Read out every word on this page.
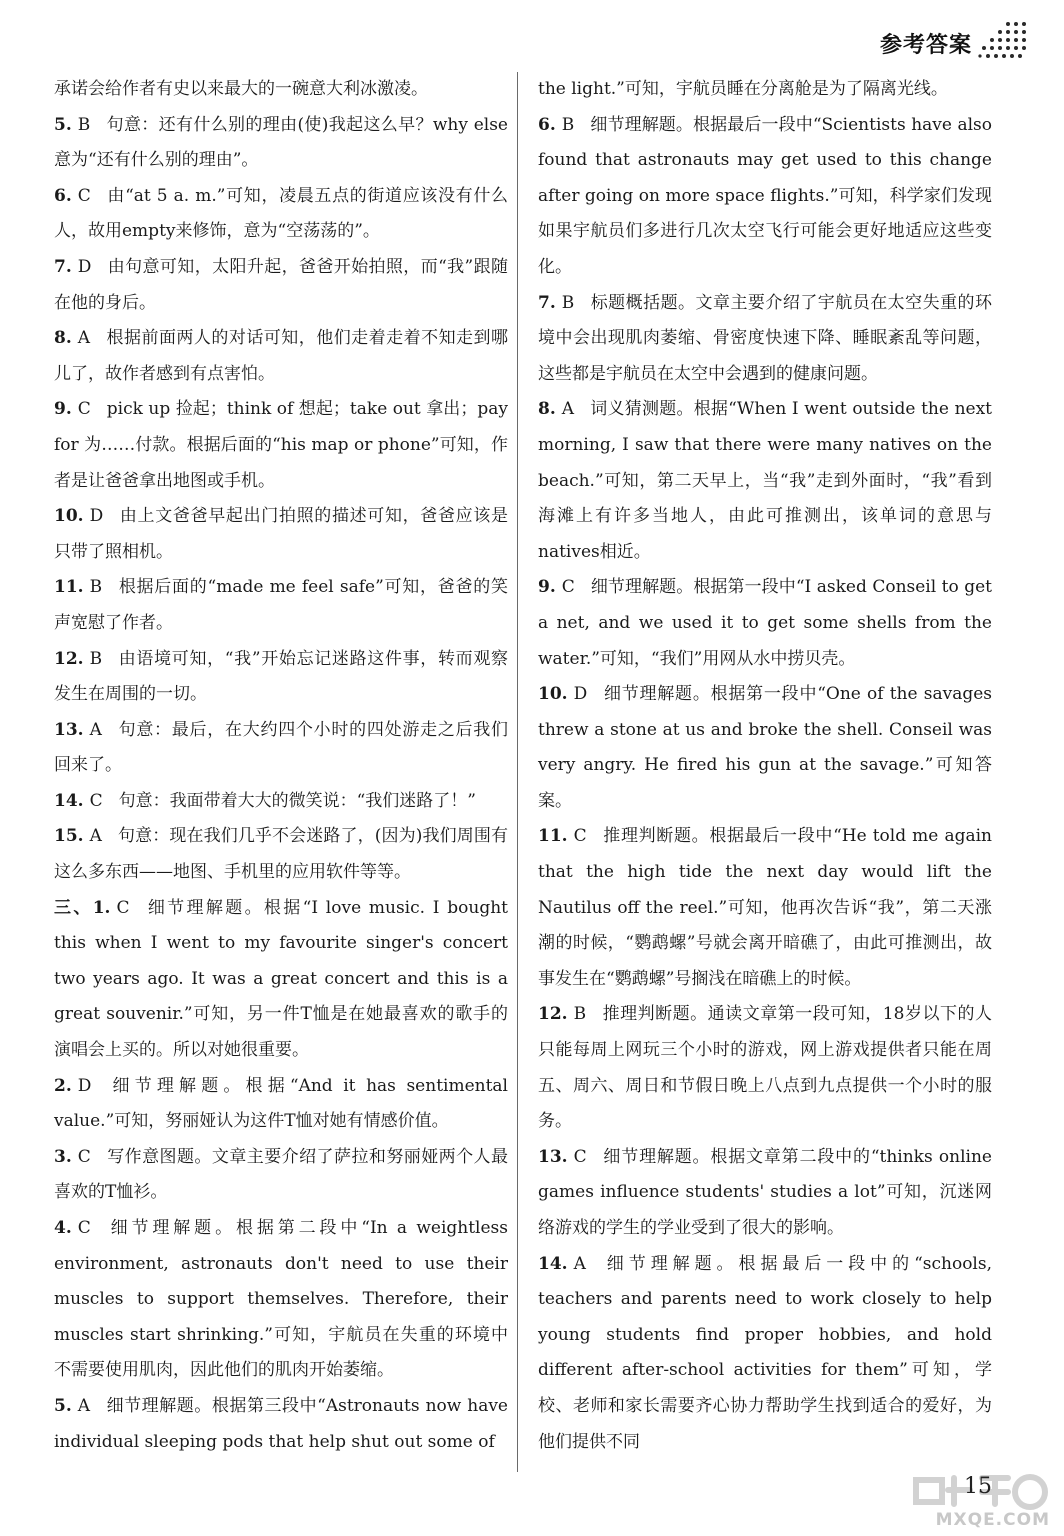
参考答案

承诺会给作者有史以来最大的一碗意大利冰激凌。

5. B 句意：还有什么别的理由(使)我起这么早？why else意为“还有什么别的理由”。

6. C 由“at 5 a. m.”可知，凌晨五点的街道应该没有什么人，故用empty来修饰，意为“空荡荡的”。

7. D 由句意可知，太阳升起，爸爸开始拍照，而“我”跟随在他的身后。

8. A 根据前面两人的对话可知，他们走着走着不知走到哪儿了，故作者感到有点害怕。

9. C pick up 捡起；think of 想起；take out 拿出；pay for 为……付款。根据后面的“his map or phone”可知，作者是让爸爸拿出地图或手机。

10. D 由上文爸爸早起出门拍照的描述可知，爸爸应该是只带了照相机。

11. B 根据后面的“made me feel safe”可知，爸爸的笑声宽慰了作者。

12. B 由语境可知，“我”开始忘记迷路这件事，转而观察发生在周围的一切。

13. A 句意：最后，在大约四个小时的四处游走之后我们回来了。

14. C 句意：我面带着大大的微笑说：“我们迷路了！”

15. A 句意：现在我们几乎不会迷路了，(因为)我们周围有这么多东西——地图、手机里的应用软件等等。

三、1. C 细节理解题。根据“I love music. I bought this when I went to my favourite singer's concert two years ago. It was a great concert and this is a great souvenir.”可知，另一件T恤是在她最喜欢的歌手的演唱会上买的。所以对她很重要。

2. D 细节理解题。根据“And it has sentimental value.”可知，努丽娅认为这件T恤对她有情感价值。

3. C 写作意图题。文章主要介绍了萨拉和努丽娅两个人最喜欢的T恤衫。

4. C 细节理解题。根据第二段中“In a weightless environment, astronauts don't need to use their muscles to support themselves. Therefore, their muscles start shrinking.”可知，宇航员在失重的环境中不需要使用肌肉，因此他们的肌肉开始萎缩。

5. A 细节理解题。根据第三段中“Astronauts now have individual sleeping pods that help shut out some of

the light.”可知，宇航员睡在分离舱是为了隔离光线。

6. B 细节理解题。根据最后一段中“Scientists have also found that astronauts may get used to this change after going on more space flights.”可知，科学家们发现如果宇航员们多进行几次太空飞行可能会更好地适应这些变化。

7. B 标题概括题。文章主要介绍了宇航员在太空失重的环境中会出现肌肉萎缩、骨密度快速下降、睡眠紊乱等问题，这些都是宇航员在太空中会遇到的健康问题。

8. A 词义猜测题。根据“When I went outside the next morning, I saw that there were many natives on the beach.”可知，第二天早上，当“我”走到外面时，“我”看到海滩上有许多当地人，由此可推测出，该单词的意思与natives相近。

9. C 细节理解题。根据第一段中“I asked Conseil to get a net, and we used it to get some shells from the water.”可知，“我们”用网从水中捞贝壳。

10. D 细节理解题。根据第一段中“One of the savages threw a stone at us and broke the shell. Conseil was very angry. He fired his gun at the savage.”可知答案。

11. C 推理判断题。根据最后一段中“He told me again that the high tide the next day would lift the Nautilus off the reel.”可知，他再次告诉“我”，第二天涨潮的时候，“鹦鹉螺”号就会离开暗礁了，由此可推测出，故事发生在“鹦鹉螺”号搁浅在暗礁上的时候。

12. B 推理判断题。通读文章第一段可知，18岁以下的人只能每周上网玩三个小时的游戏，网上游戏提供者只能在周五、周六、周日和节假日晚上八点到九点提供一个小时的服务。

13. C 细节理解题。根据文章第二段中的“thinks online games influence students' studies a lot”可知，沉迷网络游戏的学生的学业受到了很大的影响。

14. A 细节理解题。根据最后一段中的“schools, teachers and parents need to work closely to help young students find proper hobbies, and hold different after-school activities for them”可知，学校、老师和家长需要齐心协力帮助学生找到适合的爱好，为他们提供不同

15
MXQE.COM
